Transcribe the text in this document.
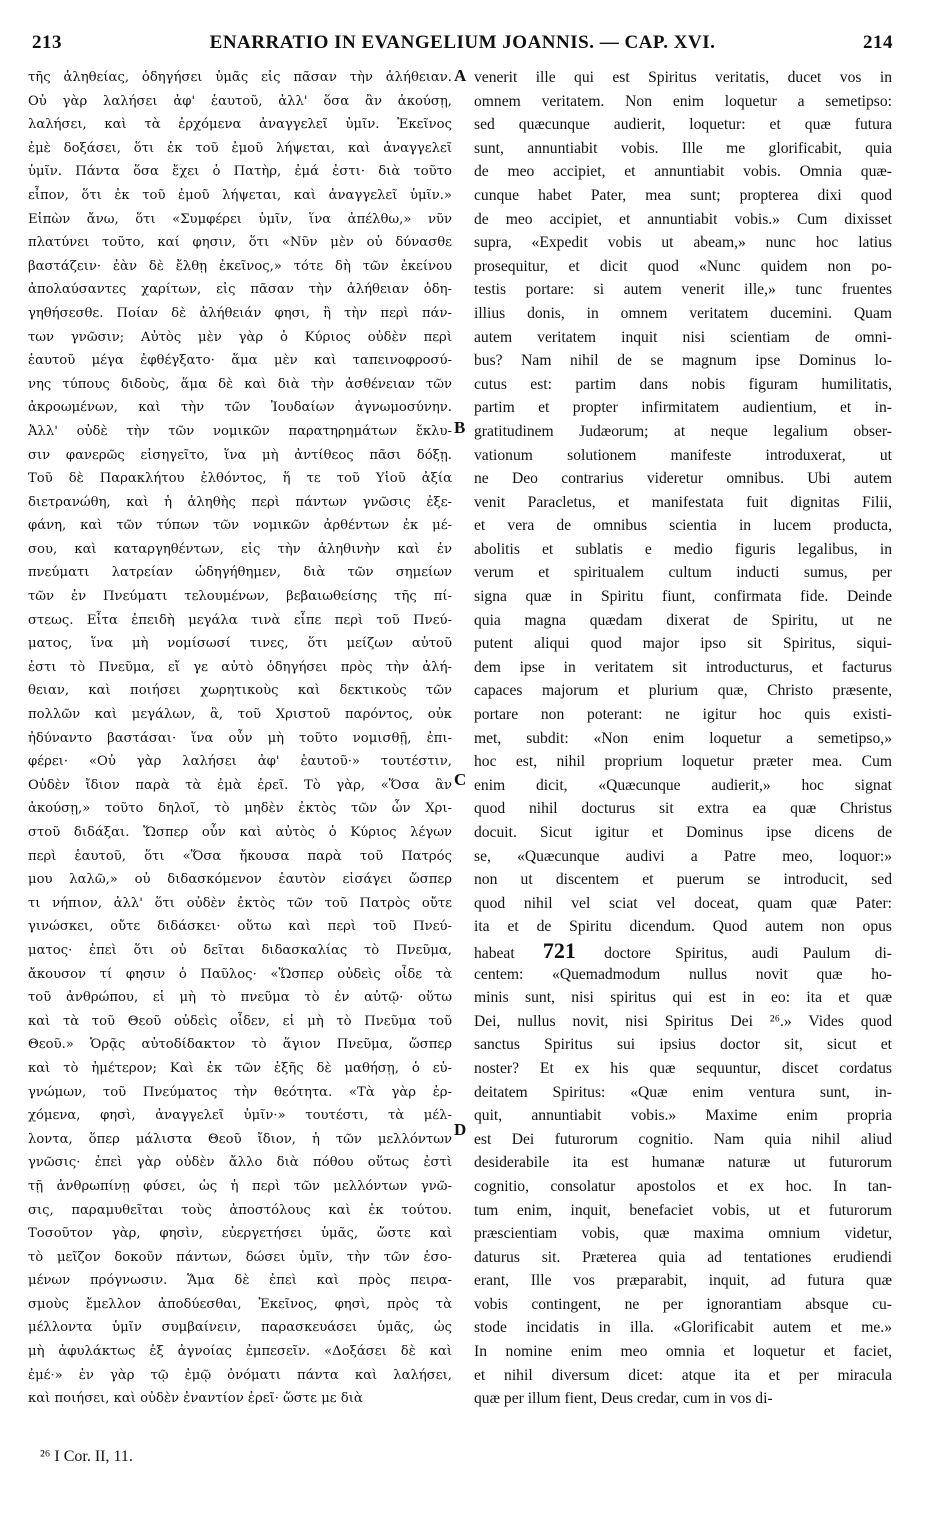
213	ENARRATIO IN EVANGELIUM JOANNIS. — CAP. XVI.	214
τῆς ἀληθείας, ὁδηγήσει ὑμᾶς εἰς πᾶσαν τὴν ἀλήθειαν.
Οὐ γὰρ λαλήσει ἀφ' ἑαυτοῦ, ἀλλ' ὅσα ἂν ἀκούσῃ,
λαλήσει, καὶ τὰ ἐρχόμενα ἀναγγελεῖ ὑμῖν. Ἐκεῖνος
ἐμὲ δοξάσει, ὅτι ἐκ τοῦ ἐμοῦ λήψεται, καὶ ἀναγγελεῖ
ὑμῖν. Πάντα ὅσα ἔχει ὁ Πατὴρ, ἐμά ἐστι· διὰ τοῦτο
εἶπον, ὅτι ἐκ τοῦ ἐμοῦ λήψεται, καὶ ἀναγγελεῖ ὑμῖν.»
Εἰπὼν ἄνω, ὅτι «Συμφέρει ὑμῖν, ἵνα ἀπέλθω,» νῦν
πλατύνει τοῦτο, καί φησιν, ὅτι «Νῦν μὲν οὐ δύνασθε
βαστάζειν· ἐὰν δὲ ἔλθῃ ἐκεῖνος,» τότε δὴ τῶν ἐκείνου
ἀπολαύσαντες χαρίτων, εἰς πᾶσαν τὴν ἀλήθειαν ὁδη-
γηθήσεσθε. Ποίαν δὲ ἀλήθειάν φησι, ἢ τὴν περὶ πάν-
των γνῶσιν; Αὐτὸς μὲν γὰρ ὁ Κύριος οὐδὲν περὶ
ἑαυτοῦ μέγα ἐφθέγξατο· ἅμα μὲν καὶ ταπεινοφροσύ-
νης τύπους διδοὺς, ἅμα δὲ καὶ διὰ τὴν ἀσθένειαν τῶν
ἀκροωμένων, καὶ τὴν τῶν Ἰουδαίων ἀγνωμοσύνην.
Ἀλλ' οὐδὲ τὴν τῶν νομικῶν παρατηρημάτων ἔκλυ-
σιν φανερῶς εἰσηγεῖτο, ἵνα μὴ ἀντίθεος πᾶσι δόξῃ.
Τοῦ δὲ Παρακλήτου ἐλθόντος, ἥ τε τοῦ Υἱοῦ ἀξία
διετρανώθη, καὶ ἡ ἀληθὴς περὶ πάντων γνῶσις ἐξε-
φάνη, καὶ τῶν τύπων τῶν νομικῶν ἀρθέντων ἐκ μέ-
σου, καὶ καταργηθέντων, εἰς τὴν ἀληθινὴν καὶ ἐν
πνεύματι λατρείαν ὡδηγήθημεν, διὰ τῶν σημείων
τῶν ἐν Πνεύματι τελουμένων, βεβαιωθείσης τῆς πί-
στεως. Εἶτα ἐπειδὴ μεγάλα τινὰ εἶπε περὶ τοῦ Πνεύ-
ματος, ἵνα μὴ νομίσωσί τινες, ὅτι μείζων αὐτοῦ
ἐστι τὸ Πνεῦμα, εἴ γε αὐτὸ ὁδηγήσει πρὸς τὴν ἀλή-
θειαν, καὶ ποιήσει χωρητικοὺς καὶ δεκτικοὺς τῶν
πολλῶν καὶ μεγάλων, ἃ, τοῦ Χριστοῦ παρόντος, οὐκ
ἠδύναντο βαστάσαι· ἵνα οὖν μὴ τοῦτο νομισθῇ, ἐπι-
φέρει· «Οὐ γὰρ λαλήσει ἀφ' ἑαυτοῦ·» τουτέστιν,
Οὐδὲν ἴδιον παρὰ τὰ ἐμὰ ἐρεῖ. Τὸ γὰρ, «Ὅσα ἂν
ἀκούσῃ,» τοῦτο δηλοῖ, τὸ μηδὲν ἐκτὸς τῶν ὧν Χρι-
στοῦ διδάξαι. Ὥσπερ οὖν καὶ αὐτὸς ὁ Κύριος λέγων
περὶ ἑαυτοῦ, ὅτι «Ὅσα ἤκουσα παρὰ τοῦ Πατρός
μου λαλῶ,» οὐ διδασκόμενον ἑαυτὸν εἰσάγει ὥσπερ
τι νήπιον, ἀλλ' ὅτι οὐδὲν ἐκτὸς τῶν τοῦ Πατρὸς οὔτε
γινώσκει, οὔτε διδάσκει· οὕτω καὶ περὶ τοῦ Πνεύ-
ματος· ἐπεὶ ὅτι οὐ δεῖται διδασκαλίας τὸ Πνεῦμα,
ἄκουσον τί φησιν ὁ Παῦλος· «Ὥσπερ οὐδεὶς οἶδε τὰ
τοῦ ἀνθρώπου, εἰ μὴ τὸ πνεῦμα τὸ ἐν αὐτῷ· οὕτω
καὶ τὰ τοῦ Θεοῦ οὐδεὶς οἶδεν, εἰ μὴ τὸ Πνεῦμα τοῦ
Θεοῦ.» Ὁρᾷς αὐτοδίδακτον τὸ ἅγιον Πνεῦμα, ὥσπερ
καὶ τὸ ἡμέτερον; Καὶ ἐκ τῶν ἑξῆς δὲ μαθήσῃ, ὁ εὐ-
γνώμων, τοῦ Πνεύματος τὴν θεότητα. «Τὰ γὰρ ἐρ-
χόμενα, φησὶ, ἀναγγελεῖ ὑμῖν·» τουτέστι, τὰ μέλ-
λοντα, ὅπερ μάλιστα Θεοῦ ἴδιον, ἡ τῶν μελλόντων
γνῶσις· ἐπεὶ γὰρ οὐδὲν ἄλλο διὰ πόθου οὕτως ἐστὶ
τῇ ἀνθρωπίνῃ φύσει, ὡς ἡ περὶ τῶν μελλόντων γνῶ-
σις, παραμυθεῖται τοὺς ἀποστόλους καὶ ἐκ τούτου.
Τοσοῦτον γὰρ, φησὶν, εὐεργετήσει ὑμᾶς, ὥστε καὶ
τὸ μεῖζον δοκοῦν πάντων, δώσει ὑμῖν, τὴν τῶν ἐσο-
μένων πρόγνωσιν. Ἅμα δὲ ἐπεὶ καὶ πρὸς πειρα-
σμοὺς ἔμελλον ἀποδύεσθαι, Ἐκεῖνος, φησὶ, πρὸς τὰ
μέλλοντα ὑμῖν συμβαίνειν, παρασκευάσει ὑμᾶς, ὡς
μὴ ἀφυλάκτως ἐξ ἀγνοίας ἐμπεσεῖν. «Δοξάσει δὲ καὶ
ἐμέ·» ἐν γὰρ τῷ ἐμῷ ὀνόματι πάντα καὶ λαλήσει,
καὶ ποιήσει, καὶ οὐδὲν ἐναντίον ἐρεῖ· ὥστε με διὰ
venerit ille qui est Spiritus veritatis, ducet vos in
omnem veritatem. Non enim loquetur a semetipso:
sed quæcunque audierit, loquetur: et quæ futura
sunt, annuntiabit vobis. Ille me glorificabit, quia
de meo accipiet, et annuntiabit vobis. Omnia quæ-
cunque habet Pater, mea sunt; propterea dixi quod
de meo accipiet, et annuntiabit vobis.» Cum dixisset
supra, «Expedit vobis ut abeam,» nunc hoc latius
prosequitur, et dicit quod «Nunc quidem non po-
testis portare: si autem venerit ille,» tunc fruentes
illius donis, in omnem veritatem ducemini. Quam
autem veritatem inquit nisi scientiam de omni-
bus? Nam nihil de se magnum ipse Dominus lo-
cutus est: partim dans nobis figuram humilitatis,
partim et propter infirmitatem audientium, et in-
gratitudinem Judæorum; at neque legalium obser-
vationum solutionem manifeste introduxerat, ut
ne Deo contrarius videretur omnibus. Ubi autem
venit Paracletus, et manifestata fuit dignitas Filii,
et vera de omnibus scientia in lucem producta,
abolitis et sublatis e medio figuris legalibus, in
verum et spiritualem cultum inducti sumus, per
signa quæ in Spiritu fiunt, confirmata fide. Deinde
quia magna quædam dixerat de Spiritu, ut ne
putent aliqui quod major ipso sit Spiritus, siqui-
dem ipse in veritatem sit introducturus, et facturus
capaces majorum et plurium quæ, Christo præsente,
portare non poterant: ne igitur hoc quis existi-
met, subdit: «Non enim loquetur a semetipso,»
hoc est, nihil proprium loquetur præter mea. Cum
enim dicit, «Quæcunque audierit,» hoc signat
quod nihil docturus sit extra ea quæ Christus
docuit. Sicut igitur et Dominus ipse dicens de
se, «Quæcunque audivi a Patre meo, loquor:»
non ut discentem et puerum se introducit, sed
quod nihil vel sciat vel doceat, quam quæ Pater:
ita et de Spiritu dicendum. Quod autem non opus
habeat 721 doctore Spiritus, audi Paulum di-
centem: «Quemadmodum nullus novit quæ ho-
minis sunt, nisi spiritus qui est in eo: ita et quæ
Dei, nullus novit, nisi Spiritus Dei ²⁶.» Vides quod
sanctus Spiritus sui ipsius doctor sit, sicut et
noster? Et ex his quæ sequuntur, discet cordatus
deitatem Spiritus: «Quæ enim ventura sunt, in-
quit, annuntiabit vobis.» Maxime enim propria
est Dei futurorum cognitio. Nam quia nihil aliud
desiderabile ita est humanæ naturæ ut futurorum
cognitio, consolatur apostolos et ex hoc. In tan-
tum enim, inquit, benefaciet vobis, ut et futurorum
præscientiam vobis, quæ maxima omnium videtur,
daturus sit. Præterea quia ad tentationes erudiendi
erant, Ille vos præparabit, inquit, ad futura quæ
vobis contingent, ne per ignorantiam absque cu-
stode incidatis in illa. «Glorificabit autem et me.»
In nomine enim meo omnia et loquetur et faciet,
et nihil diversum dicet: atque ita et per miracula
quæ per illum fient, Deus credar, cum in vos di-
A
B
C
D
²⁶ I Cor. II, 11.
